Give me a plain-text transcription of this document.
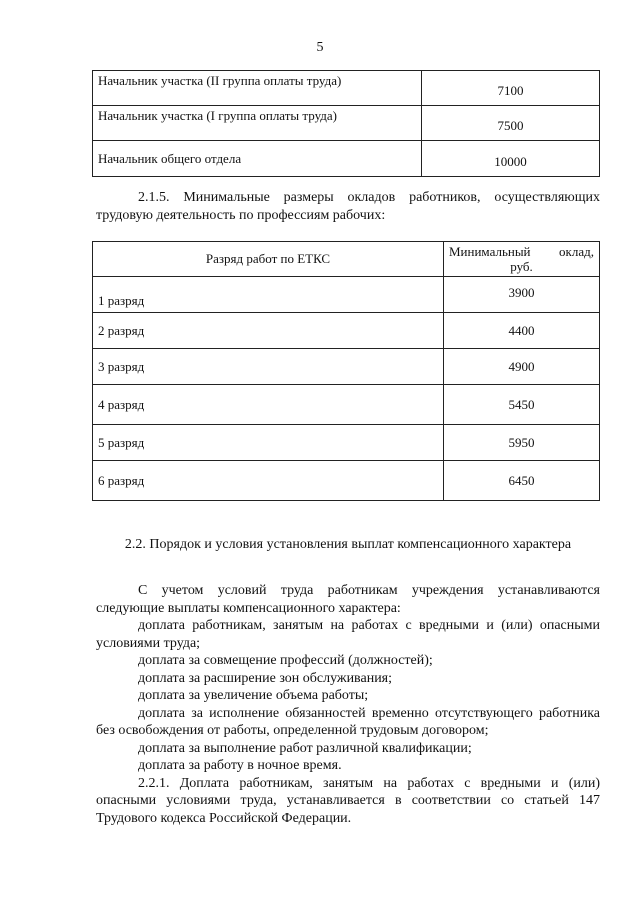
5
Начальник участка (II группа оплаты труда)	7100
Начальник участка (I группа оплаты труда)	7500
Начальник общего отдела	10000

2.1.5. Минимальные размеры окладов работников, осуществляющих трудовую деятельность по профессиям рабочих:

Разряд работ по ЕТКС	Минимальный оклад, руб.
1 разряд	3900
2 разряд	4400
3 разряд	4900
4 разряд	5450
5 разряд	5950
6 разряд	6450

2.2. Порядок и условия установления выплат компенсационного характера

С учетом условий труда работникам учреждения устанавливаются следующие выплаты компенсационного характера:

доплата работникам, занятым на работах с вредными и (или) опасными условиями труда;

доплата за совмещение профессий (должностей);

доплата за расширение зон обслуживания;

доплата за увеличение объема работы;

доплата за исполнение обязанностей временно отсутствующего работника без освобождения от работы, определенной трудовым договором;

доплата за выполнение работ различной квалификации;

доплата за работу в ночное время.

2.2.1. Доплата работникам, занятым на работах с вредными и (или) опасными условиями труда, устанавливается в соответствии со статьей 147 Трудового кодекса Российской Федерации.
